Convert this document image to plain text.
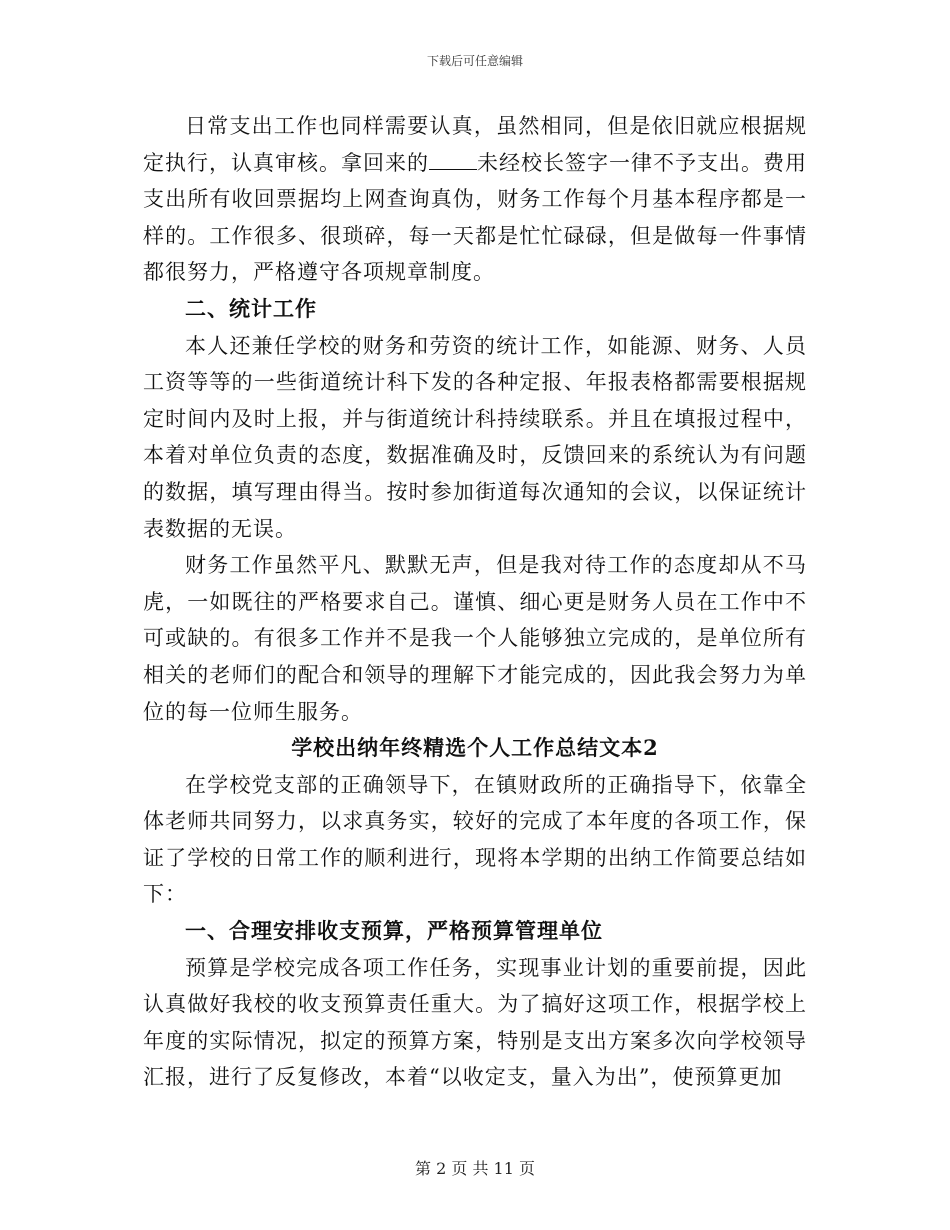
下载后可任意编辑

日常支出工作也同样需要认真，虽然相同，但是依旧就应根据规定执行，认真审核。拿回来的 未经校长签字一律不予支出。费用支出所有收回票据均上网查询真伪，财务工作每个月基本程序都是一样的。工作很多、很琐碎，每一天都是忙忙碌碌，但是做每一件事情都很努力，严格遵守各项规章制度。

二、统计工作

本人还兼任学校的财务和劳资的统计工作，如能源、财务、人员工资等等的一些街道统计科下发的各种定报、年报表格都需要根据规定时间内及时上报，并与街道统计科持续联系。并且在填报过程中，本着对单位负责的态度，数据准确及时，反馈回来的系统认为有问题的数据，填写理由得当。按时参加街道每次通知的会议，以保证统计表数据的无误。

财务工作虽然平凡、默默无声，但是我对待工作的态度却从不马虎，一如既往的严格要求自己。谨慎、细心更是财务人员在工作中不可或缺的。有很多工作并不是我一个人能够独立完成的，是单位所有相关的老师们的配合和领导的理解下才能完成的，因此我会努力为单位的每一位师生服务。

学校出纳年终精选个人工作总结文本2

在学校党支部的正确领导下，在镇财政所的正确指导下，依靠全体老师共同努力，以求真务实，较好的完成了本年度的各项工作，保证了学校的日常工作的顺利进行，现将本学期的出纳工作简要总结如下：

一、合理安排收支预算，严格预算管理单位

预算是学校完成各项工作任务，实现事业计划的重要前提，因此认真做好我校的收支预算责任重大。为了搞好这项工作，根据学校上年度的实际情况，拟定的预算方案，特别是支出方案多次向学校领导汇报，进行了反复修改，本着“以收定支，量入为出”，使预算更加

第 2 页 共 11 页
